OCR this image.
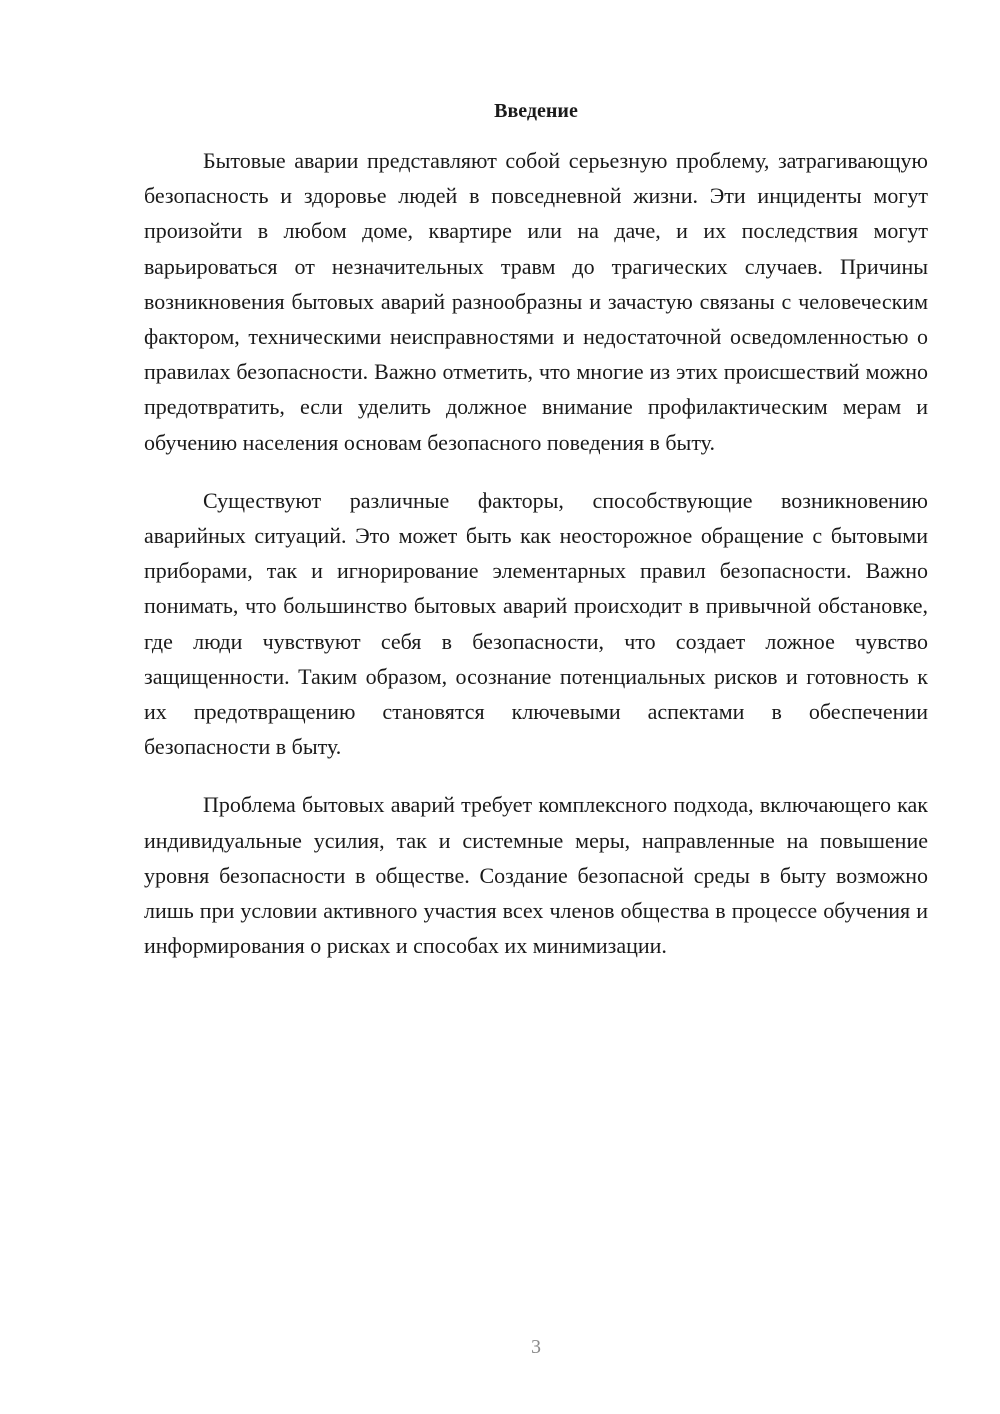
Введение

Бытовые аварии представляют собой серьезную проблему, затрагивающую безопасность и здоровье людей в повседневной жизни. Эти инциденты могут произойти в любом доме, квартире или на даче, и их последствия могут варьироваться от незначительных травм до трагических случаев. Причины возникновения бытовых аварий разнообразны и зачастую связаны с человеческим фактором, техническими неисправностями и недостаточной осведомленностью о правилах безопасности. Важно отметить, что многие из этих происшествий можно предотвратить, если уделить должное внимание профилактическим мерам и обучению населения основам безопасного поведения в быту.

Существуют различные факторы, способствующие возникновению аварийных ситуаций. Это может быть как неосторожное обращение с бытовыми приборами, так и игнорирование элементарных правил безопасности. Важно понимать, что большинство бытовых аварий происходит в привычной обстановке, где люди чувствуют себя в безопасности, что создает ложное чувство защищенности. Таким образом, осознание потенциальных рисков и готовность к их предотвращению становятся ключевыми аспектами в обеспечении безопасности в быту.

Проблема бытовых аварий требует комплексного подхода, включающего как индивидуальные усилия, так и системные меры, направленные на повышение уровня безопасности в обществе. Создание безопасной среды в быту возможно лишь при условии активного участия всех членов общества в процессе обучения и информирования о рисках и способах их минимизации.

3
